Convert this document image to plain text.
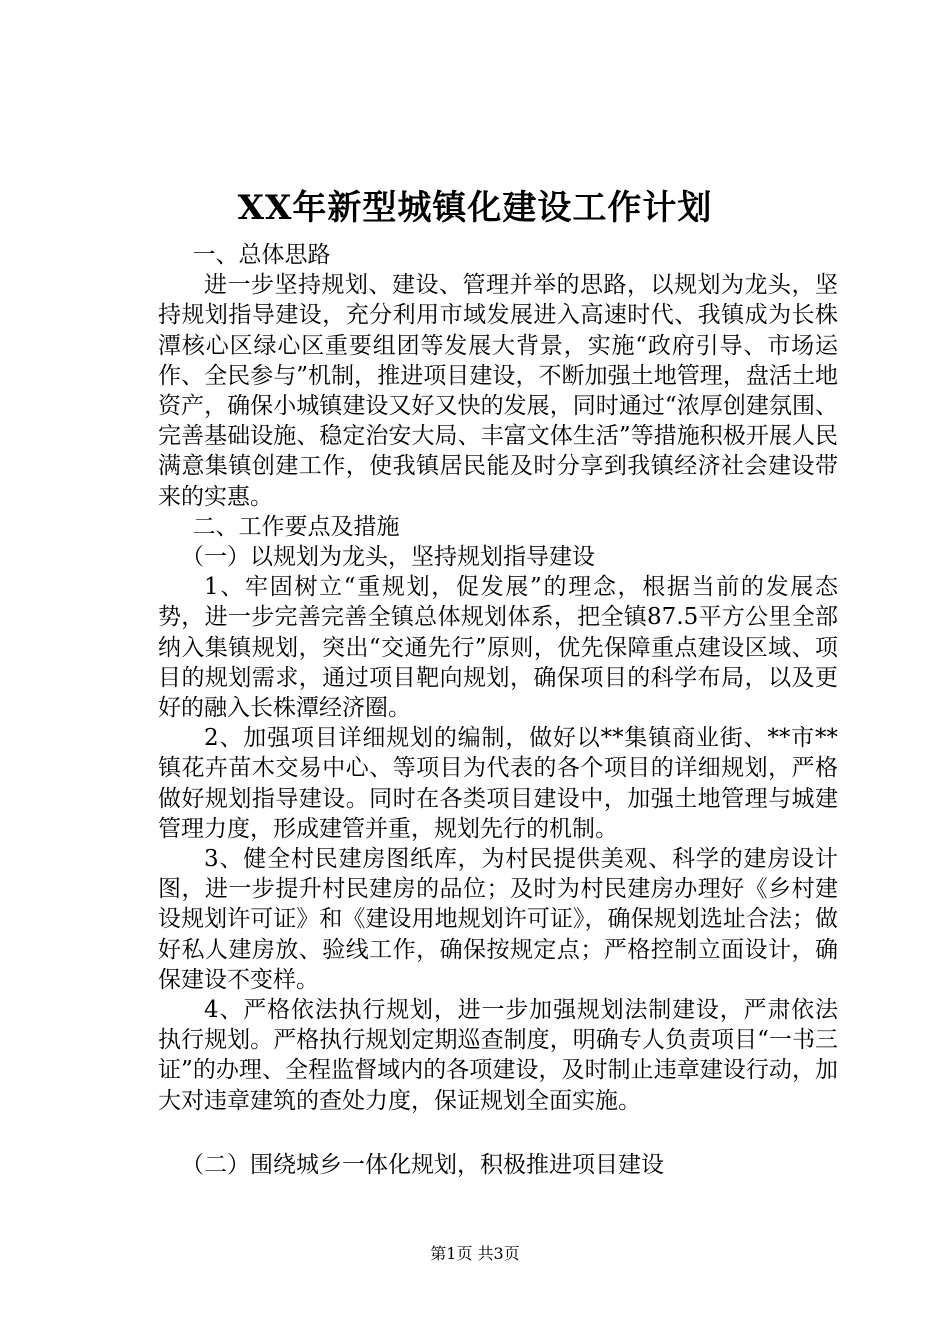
XX年新型城镇化建设工作计划

一、总体思路

进一步坚持规划、建设、管理并举的思路，以规划为龙头，坚持规划指导建设，充分利用市域发展进入高速时代、我镇成为长株潭核心区绿心区重要组团等发展大背景，实施“政府引导、市场运作、全民参与”机制，推进项目建设，不断加强土地管理，盘活土地资产，确保小城镇建设又好又快的发展，同时通过“浓厚创建氛围、完善基础设施、稳定治安大局、丰富文体生活”等措施积极开展人民满意集镇创建工作，使我镇居民能及时分享到我镇经济社会建设带来的实惠。

二、工作要点及措施

（一）以规划为龙头，坚持规划指导建设

1、牢固树立“重规划，促发展”的理念，根据当前的发展态势，进一步完善完善全镇总体规划体系，把全镇87.5平方公里全部纳入集镇规划，突出“交通先行”原则，优先保障重点建设区域、项目的规划需求，通过项目靶向规划，确保项目的科学布局，以及更好的融入长株潭经济圈。

2、加强项目详细规划的编制，做好以**集镇商业街、**市**镇花卉苗木交易中心、等项目为代表的各个项目的详细规划，严格做好规划指导建设。同时在各类项目建设中，加强土地管理与城建管理力度，形成建管并重，规划先行的机制。

3、健全村民建房图纸库，为村民提供美观、科学的建房设计图，进一步提升村民建房的品位；及时为村民建房办理好《乡村建设规划许可证》和《建设用地规划许可证》，确保规划选址合法；做好私人建房放、验线工作，确保按规定点；严格控制立面设计，确保建设不变样。

4、严格依法执行规划，进一步加强规划法制建设，严肃依法执行规划。严格执行规划定期巡查制度，明确专人负责项目“一书三证”的办理、全程监督域内的各项建设，及时制止违章建设行动，加大对违章建筑的查处力度，保证规划全面实施。

（二）围绕城乡一体化规划，积极推进项目建设

第1页 共3页
